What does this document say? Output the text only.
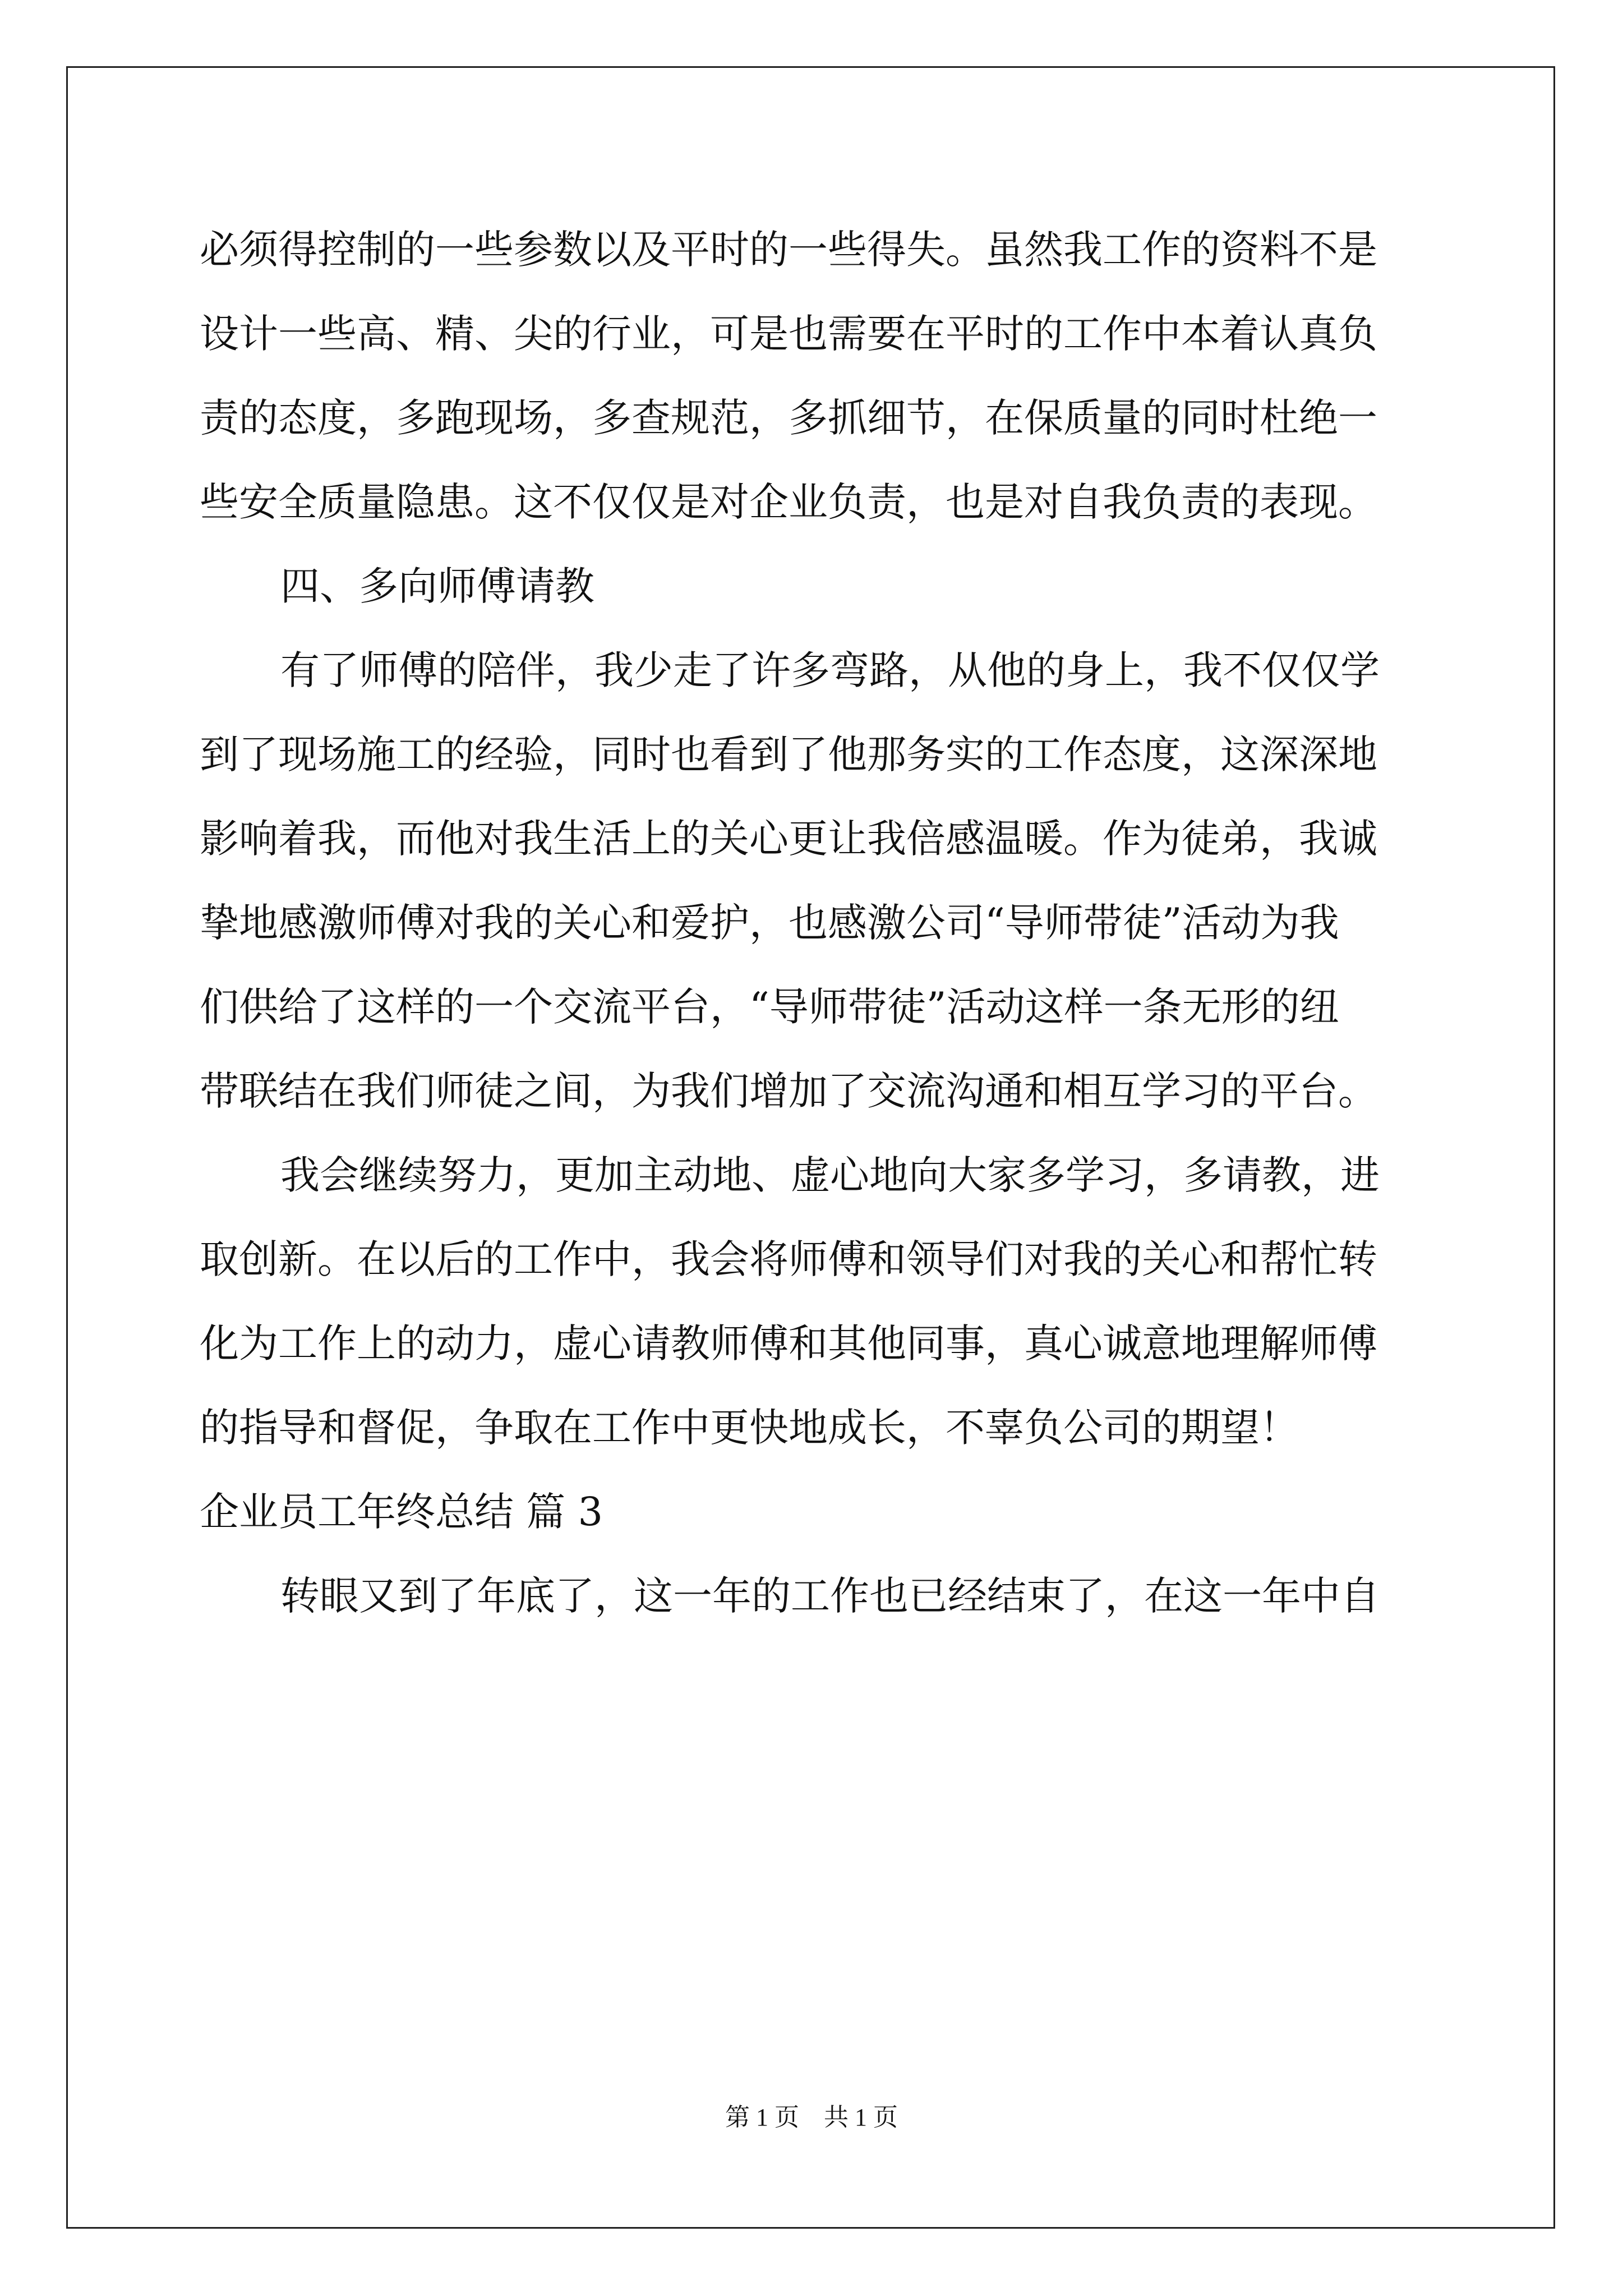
必须得控制的一些参数以及平时的一些得失。虽然我工作的资料不是
设计一些高、精、尖的行业，可是也需要在平时的工作中本着认真负
责的态度，多跑现场，多查规范，多抓细节，在保质量的同时杜绝一
些安全质量隐患。这不仅仅是对企业负责，也是对自我负责的表现。
四、多向师傅请教
有了师傅的陪伴，我少走了许多弯路，从他的身上，我不仅仅学
到了现场施工的经验，同时也看到了他那务实的工作态度，这深深地
影响着我，而他对我生活上的关心更让我倍感温暖。作为徒弟，我诚
挚地感激师傅对我的关心和爱护，也感激公司“导师带徒”活动为我
们供给了这样的一个交流平台，“导师带徒”活动这样一条无形的纽
带联结在我们师徒之间，为我们增加了交流沟通和相互学习的平台。
我会继续努力，更加主动地、虚心地向大家多学习，多请教，进
取创新。在以后的工作中，我会将师傅和领导们对我的关心和帮忙转
化为工作上的动力，虚心请教师傅和其他同事，真心诚意地理解师傅
的指导和督促，争取在工作中更快地成长，不辜负公司的期望！
企业员工年终总结 篇 3
转眼又到了年底了，这一年的工作也已经结束了，在这一年中自
第 1 页　共 1 页
